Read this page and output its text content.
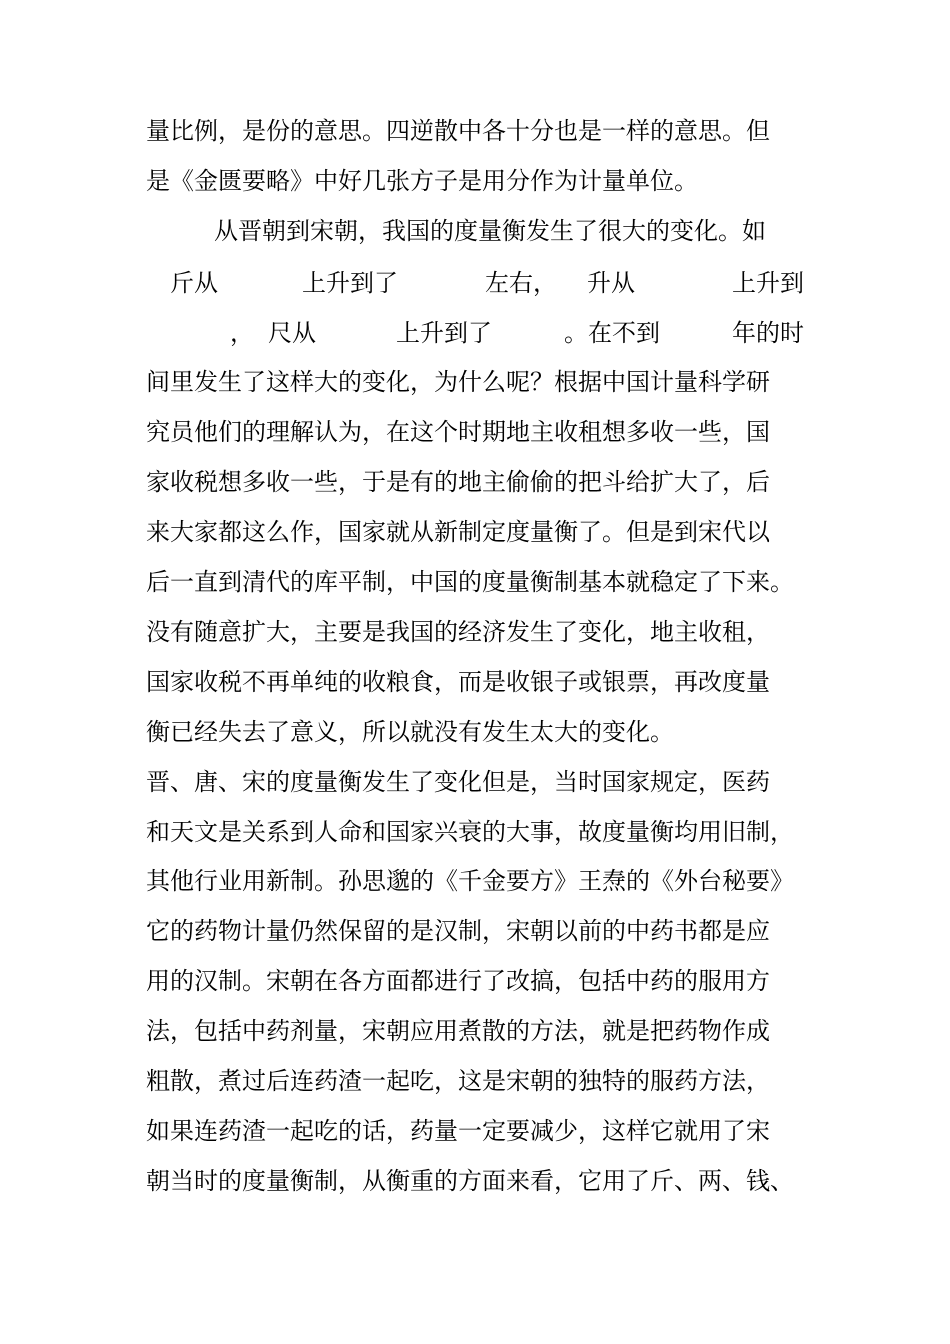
量比例，是份的意思。四逆散中各十分也是一样的意思。但

是《金匮要略》中好几张方子是用分作为计量单位。

从晋朝到宋朝，我国的度量衡发生了很大的变化。如

斤从	上升到了	左右， 升从	上升到
， 尺从	上升到了	。在不到	年的时

间里发生了这样大的变化，为什么呢？根据中国计量科学研

究员他们的理解认为，在这个时期地主收租想多收一些，国

家收税想多收一些，于是有的地主偷偷的把斗给扩大了，后

来大家都这么作，国家就从新制定度量衡了。但是到宋代以

后一直到清代的库平制，中国的度量衡制基本就稳定了下来。

没有随意扩大，主要是我国的经济发生了变化，地主收租，

国家收税不再单纯的收粮食，而是收银子或银票，再改度量

衡已经失去了意义，所以就没有发生太大的变化。

晋、唐、宋的度量衡发生了变化但是，当时国家规定，医药

和天文是关系到人命和国家兴衰的大事，故度量衡均用旧制，

其他行业用新制。孙思邈的《千金要方》王焘的《外台秘要》

它的药物计量仍然保留的是汉制，宋朝以前的中药书都是应

用的汉制。宋朝在各方面都进行了改搞，包括中药的服用方

法，包括中药剂量，宋朝应用煮散的方法，就是把药物作成

粗散，煮过后连药渣一起吃，这是宋朝的独特的服药方法，

如果连药渣一起吃的话，药量一定要减少，这样它就用了宋

朝当时的度量衡制，从衡重的方面来看，它用了斤、两、钱、
